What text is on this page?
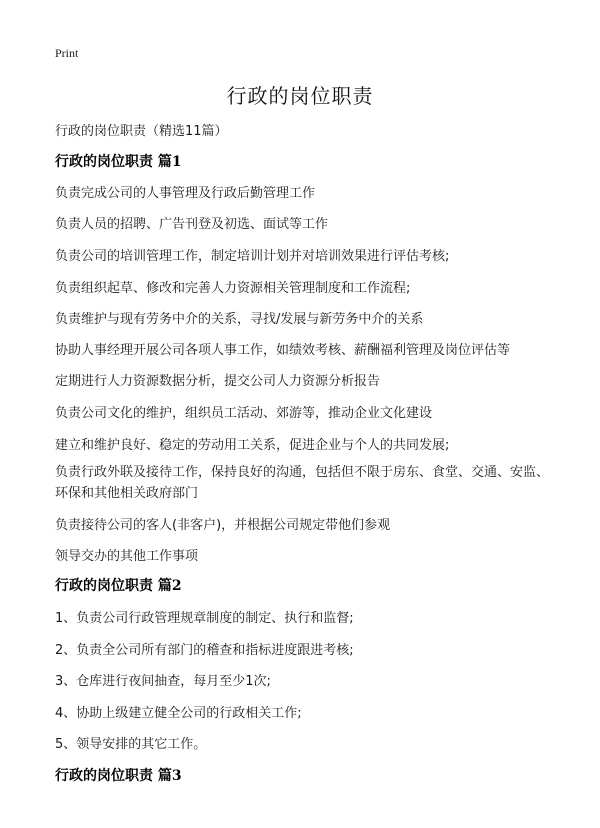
Print
行政的岗位职责
行政的岗位职责（精选11篇）
行政的岗位职责 篇1
负责完成公司的人事管理及行政后勤管理工作
负责人员的招聘、广告刊登及初选、面试等工作
负责公司的培训管理工作，制定培训计划并对培训效果进行评估考核;
负责组织起草、修改和完善人力资源相关管理制度和工作流程;
负责维护与现有劳务中介的关系，寻找/发展与新劳务中介的关系
协助人事经理开展公司各项人事工作，如绩效考核、薪酬福利管理及岗位评估等
定期进行人力资源数据分析，提交公司人力资源分析报告
负责公司文化的维护，组织员工活动、郊游等，推动企业文化建设
建立和维护良好、稳定的劳动用工关系，促进企业与个人的共同发展;
负责行政外联及接待工作，保持良好的沟通，包括但不限于房东、食堂、交通、安监、环保和其他相关政府部门
负责接待公司的客人(非客户)，并根据公司规定带他们参观
领导交办的其他工作事项
行政的岗位职责 篇2
1、负责公司行政管理规章制度的制定、执行和监督;
2、负责全公司所有部门的稽查和指标进度跟进考核;
3、仓库进行夜间抽查，每月至少1次;
4、协助上级建立健全公司的行政相关工作;
5、领导安排的其它工作。
行政的岗位职责 篇3
